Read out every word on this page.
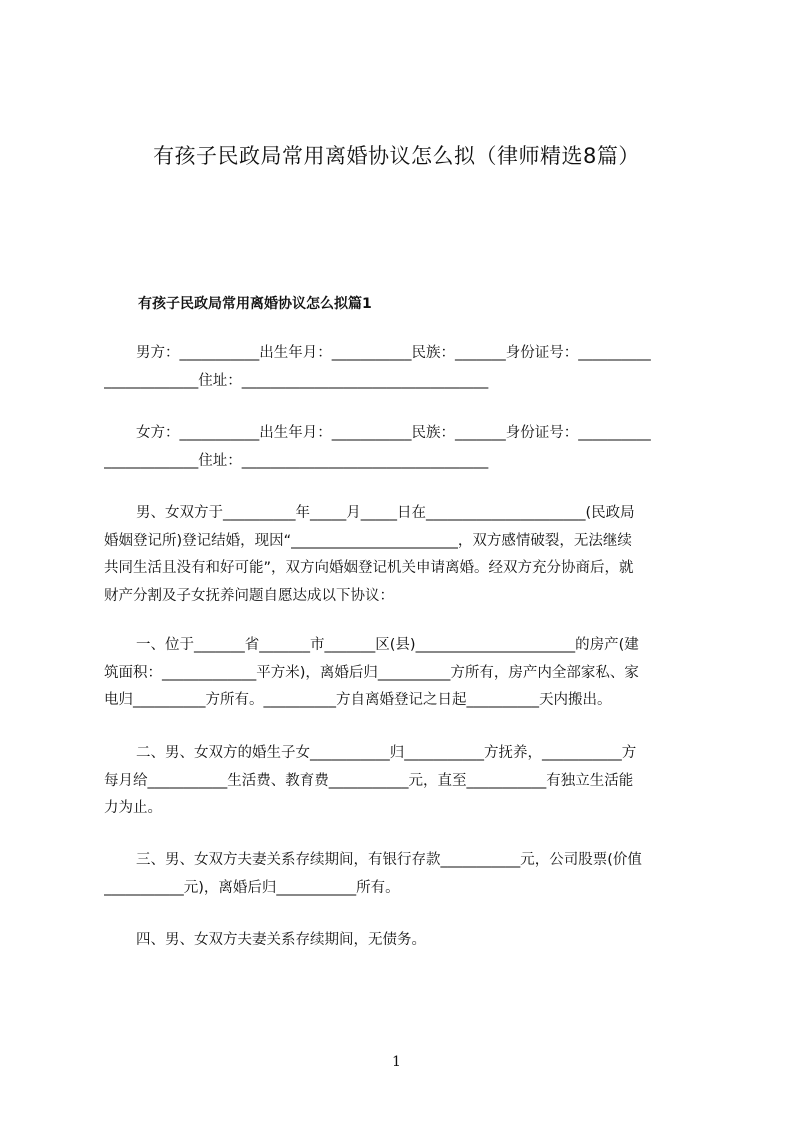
有孩子民政局常用离婚协议怎么拟（律师精选8篇）
有孩子民政局常用离婚协议怎么拟篇1
男方：___________出生年月：___________民族：_______身份证号：__________
_____________住址：__________________________________
女方：___________出生年月：___________民族：_______身份证号：__________
_____________住址：__________________________________
男、女双方于__________年_____月_____日在______________________(民政局
婚姻登记所)登记结婚，现因“_______________________，双方感情破裂，无法继续
共同生活且没有和好可能”，双方向婚姻登记机关申请离婚。经双方充分协商后，就
财产分割及子女抚养问题自愿达成以下协议：
一、位于_______省_______市_______区(县)______________________的房产(建
筑面积：_____________平方米)，离婚后归__________方所有，房产内全部家私、家
电归__________方所有。__________方自离婚登记之日起__________天内搬出。
二、男、女双方的婚生子女___________归___________方抚养，___________方
每月给___________生活费、教育费___________元，直至___________有独立生活能
力为止。
三、男、女双方夫妻关系存续期间，有银行存款___________元，公司股票(价值
___________元)，离婚后归___________所有。
四、男、女双方夫妻关系存续期间，无债务。
1
